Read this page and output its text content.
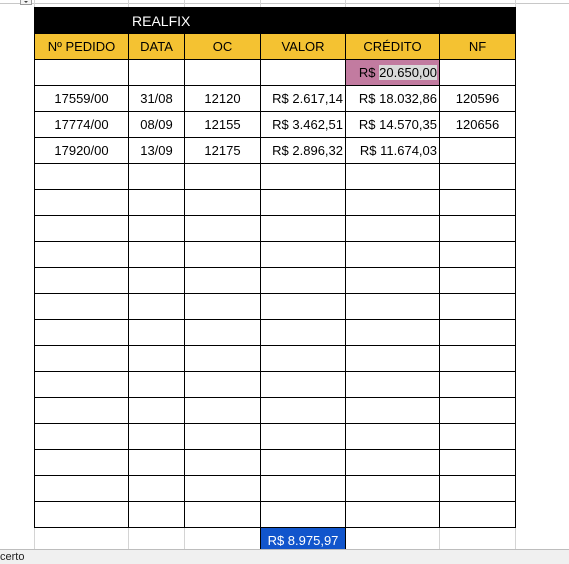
	REALFIX				
Nº PEDIDO	DATA	OC	VALOR	CRÉDITO	NF
				R$ 20.650,00	
17559/00	31/08	12120	R$ 2.617,14	R$ 18.032,86	120596
17774/00	08/09	12155	R$ 3.462,51	R$ 14.570,35	120656
17920/00	13/09	12175	R$ 2.896,32	R$ 11.674,03	

			R$ 8.975,97		
certo
